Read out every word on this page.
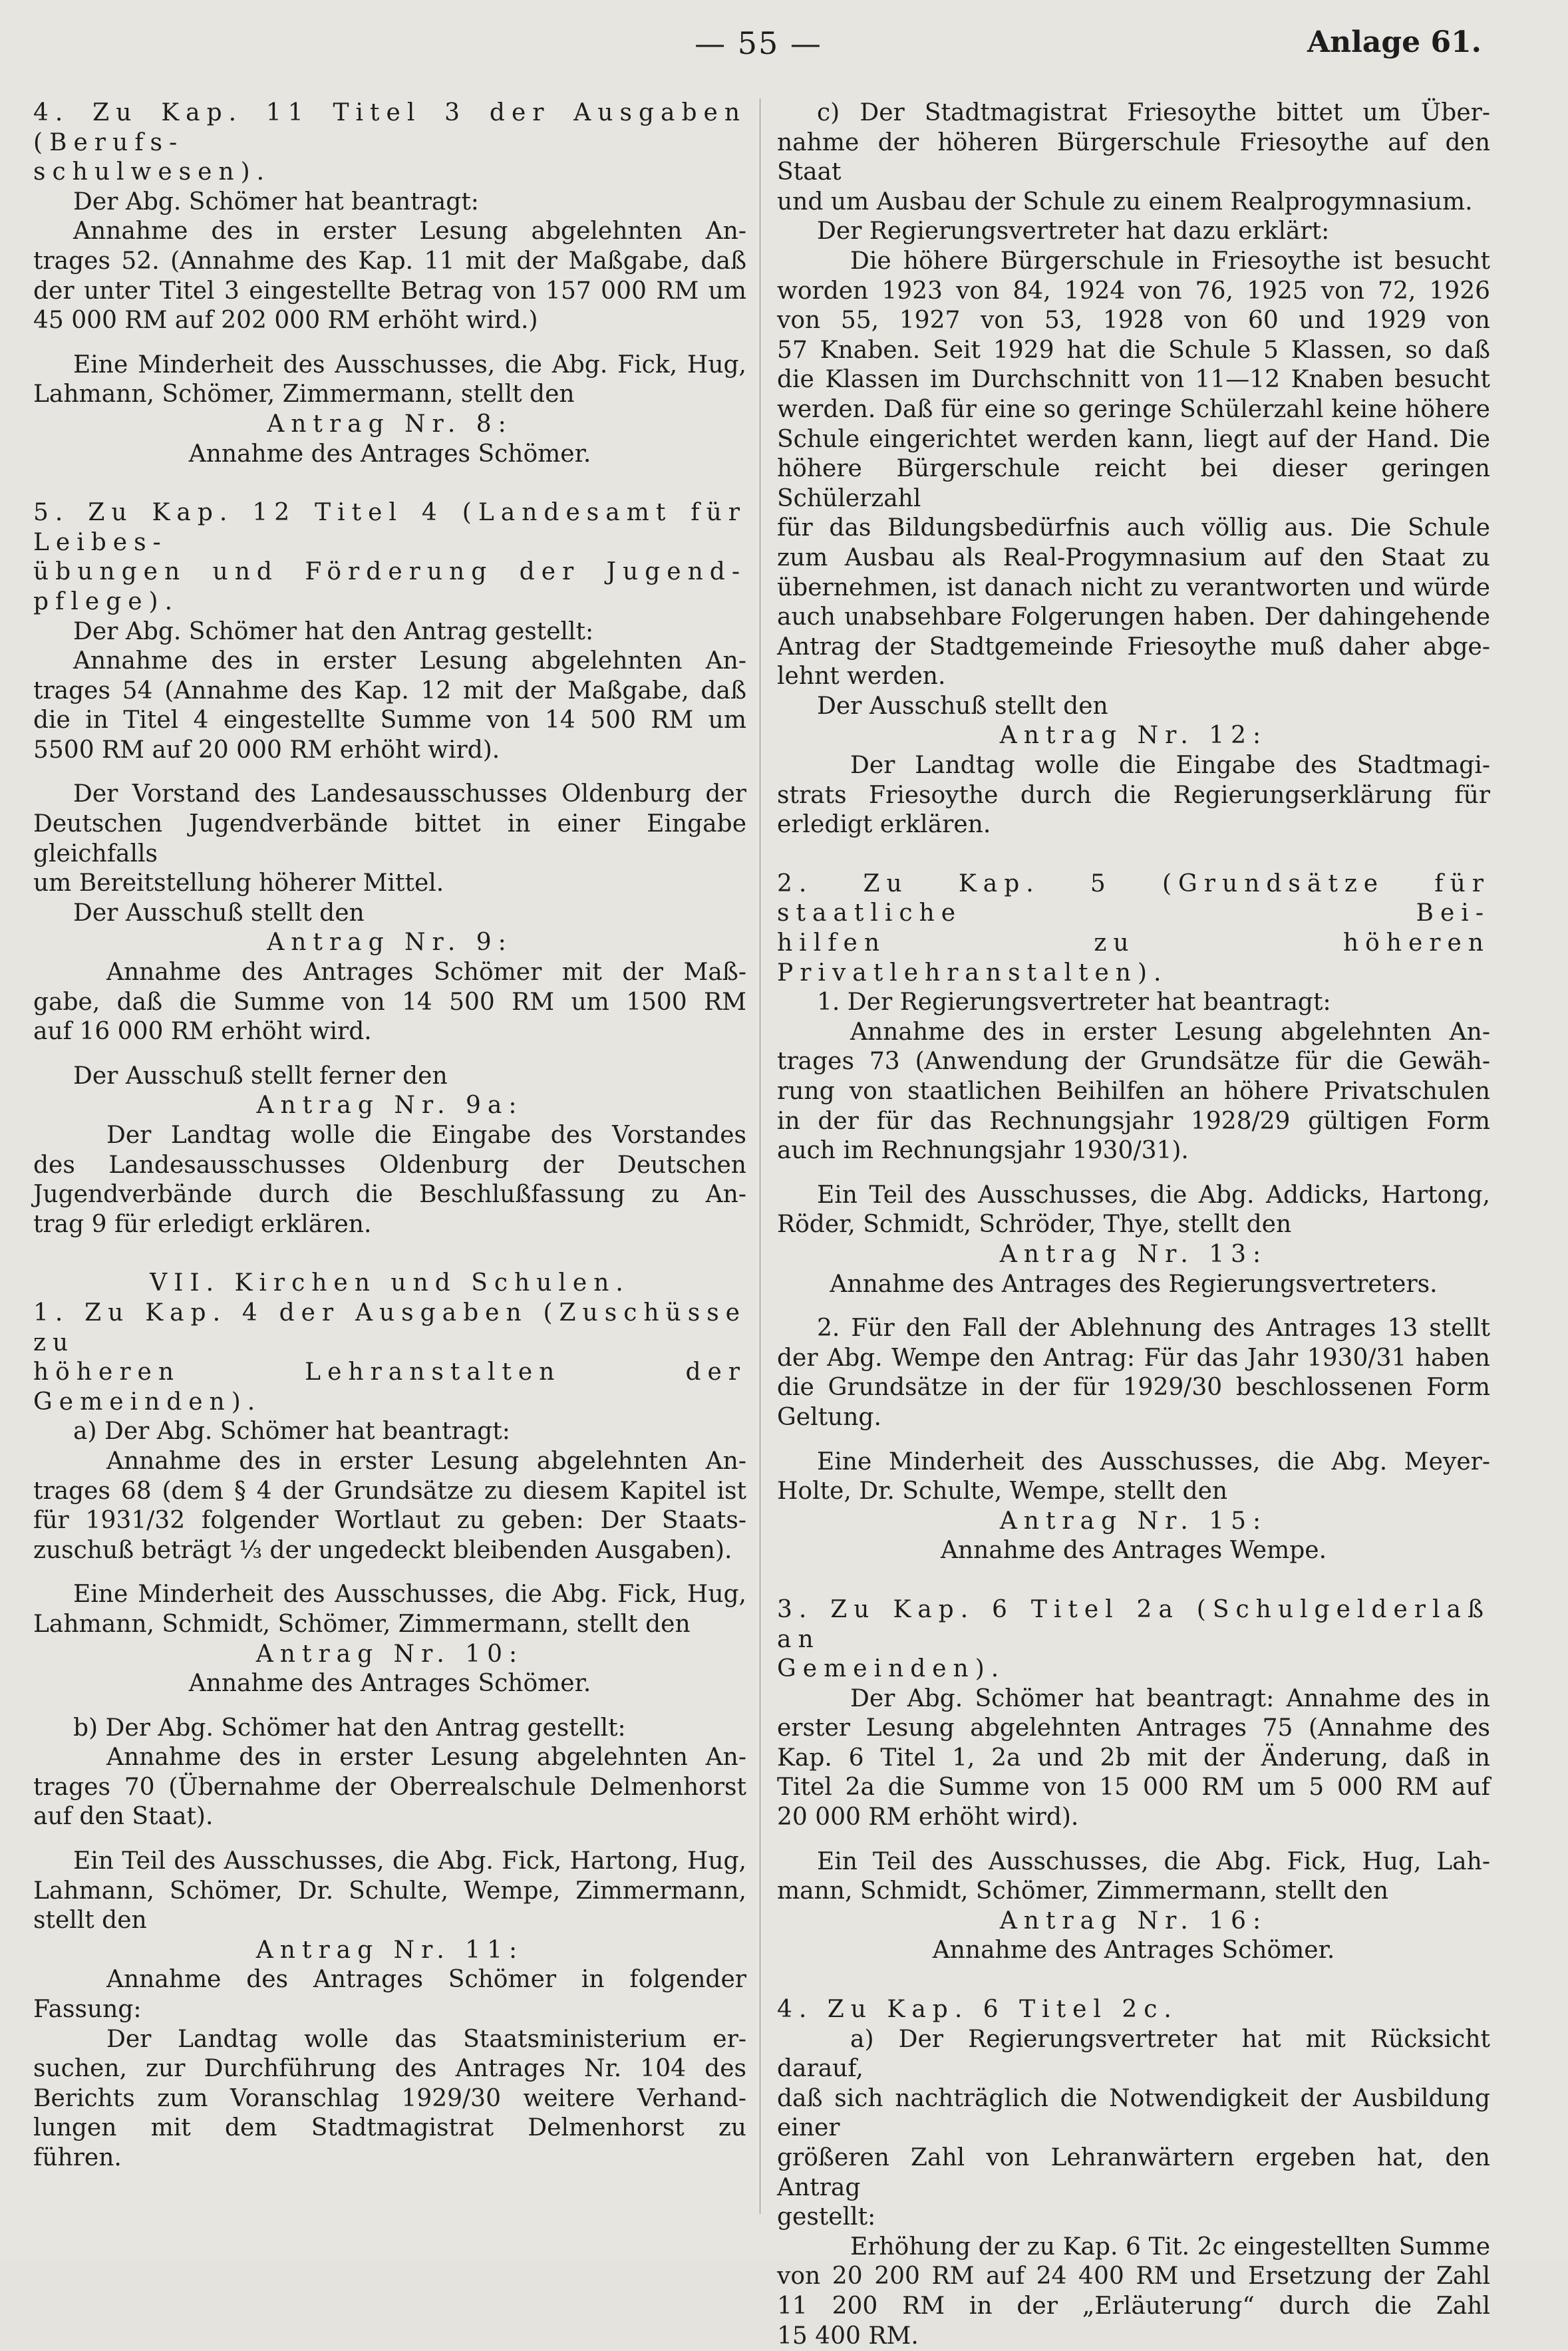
— 55 —	Anlage 61.

4. Zu Kap. 11 Titel 3 der Ausgaben (Berufs-

schulwesen).

Der Abg. Schömer hat beantragt:

Annahme des in erster Lesung abgelehnten An-

trages 52. (Annahme des Kap. 11 mit der Maßgabe, daß

der unter Titel 3 eingestellte Betrag von 157 000 RM um

45 000 RM auf 202 000 RM erhöht wird.)

Eine Minderheit des Ausschusses, die Abg. Fick, Hug,

Lahmann, Schömer, Zimmermann, stellt den

Antrag Nr. 8:

Annahme des Antrages Schömer.

5. Zu Kap. 12 Titel 4 (Landesamt für Leibes-

übungen und Förderung der Jugend-

pflege).

Der Abg. Schömer hat den Antrag gestellt:

Annahme des in erster Lesung abgelehnten An-

trages 54 (Annahme des Kap. 12 mit der Maßgabe, daß

die in Titel 4 eingestellte Summe von 14 500 RM um

5500 RM auf 20 000 RM erhöht wird).

Der Vorstand des Landesausschusses Oldenburg der

Deutschen Jugendverbände bittet in einer Eingabe gleichfalls

um Bereitstellung höherer Mittel.

Der Ausschuß stellt den

Antrag Nr. 9:

Annahme des Antrages Schömer mit der Maß-

gabe, daß die Summe von 14 500 RM um 1500 RM

auf 16 000 RM erhöht wird.

Der Ausschuß stellt ferner den

Antrag Nr. 9a:

Der Landtag wolle die Eingabe des Vorstandes

des Landesausschusses Oldenburg der Deutschen

Jugendverbände durch die Beschlußfassung zu An-

trag 9 für erledigt erklären.

VII. Kirchen und Schulen.

1. Zu Kap. 4 der Ausgaben (Zuschüsse zu

höheren Lehranstalten der Gemeinden).

a) Der Abg. Schömer hat beantragt:

Annahme des in erster Lesung abgelehnten An-

trages 68 (dem § 4 der Grundsätze zu diesem Kapitel ist

für 1931/32 folgender Wortlaut zu geben: Der Staats-

zuschuß beträgt ⅓ der ungedeckt bleibenden Ausgaben).

Eine Minderheit des Ausschusses, die Abg. Fick, Hug,

Lahmann, Schmidt, Schömer, Zimmermann, stellt den

Antrag Nr. 10:

Annahme des Antrages Schömer.

b) Der Abg. Schömer hat den Antrag gestellt:

Annahme des in erster Lesung abgelehnten An-

trages 70 (Übernahme der Oberrealschule Delmenhorst

auf den Staat).

Ein Teil des Ausschusses, die Abg. Fick, Hartong, Hug,

Lahmann, Schömer, Dr. Schulte, Wempe, Zimmermann,

stellt den

Antrag Nr. 11:

Annahme des Antrages Schömer in folgender

Fassung:

Der Landtag wolle das Staatsministerium er-

suchen, zur Durchführung des Antrages Nr. 104 des

Berichts zum Voranschlag 1929/30 weitere Verhand-

lungen mit dem Stadtmagistrat Delmenhorst zu

führen.

c) Der Stadtmagistrat Friesoythe bittet um Über-

nahme der höheren Bürgerschule Friesoythe auf den Staat

und um Ausbau der Schule zu einem Realprogymnasium.

Der Regierungsvertreter hat dazu erklärt:

Die höhere Bürgerschule in Friesoythe ist besucht

worden 1923 von 84, 1924 von 76, 1925 von 72, 1926

von 55, 1927 von 53, 1928 von 60 und 1929 von

57 Knaben. Seit 1929 hat die Schule 5 Klassen, so daß

die Klassen im Durchschnitt von 11—12 Knaben besucht

werden. Daß für eine so geringe Schülerzahl keine höhere

Schule eingerichtet werden kann, liegt auf der Hand. Die

höhere Bürgerschule reicht bei dieser geringen Schülerzahl

für das Bildungsbedürfnis auch völlig aus. Die Schule

zum Ausbau als Real-Progymnasium auf den Staat zu

übernehmen, ist danach nicht zu verantworten und würde

auch unabsehbare Folgerungen haben. Der dahingehende

Antrag der Stadtgemeinde Friesoythe muß daher abge-

lehnt werden.

Der Ausschuß stellt den

Antrag Nr. 12:

Der Landtag wolle die Eingabe des Stadtmagi-

strats Friesoythe durch die Regierungserklärung für

erledigt erklären.

2. Zu Kap. 5 (Grundsätze für staatliche Bei-

hilfen zu höheren Privatlehranstalten).

1. Der Regierungsvertreter hat beantragt:

Annahme des in erster Lesung abgelehnten An-

trages 73 (Anwendung der Grundsätze für die Gewäh-

rung von staatlichen Beihilfen an höhere Privatschulen

in der für das Rechnungsjahr 1928/29 gültigen Form

auch im Rechnungsjahr 1930/31).

Ein Teil des Ausschusses, die Abg. Addicks, Hartong,

Röder, Schmidt, Schröder, Thye, stellt den

Antrag Nr. 13:

Annahme des Antrages des Regierungsvertreters.

2. Für den Fall der Ablehnung des Antrages 13 stellt

der Abg. Wempe den Antrag: Für das Jahr 1930/31 haben

die Grundsätze in der für 1929/30 beschlossenen Form

Geltung.

Eine Minderheit des Ausschusses, die Abg. Meyer-

Holte, Dr. Schulte, Wempe, stellt den

Antrag Nr. 15:

Annahme des Antrages Wempe.

3. Zu Kap. 6 Titel 2a (Schulgelderlaß an

Gemeinden).

Der Abg. Schömer hat beantragt: Annahme des in

erster Lesung abgelehnten Antrages 75 (Annahme des

Kap. 6 Titel 1, 2a und 2b mit der Änderung, daß in

Titel 2a die Summe von 15 000 RM um 5 000 RM auf

20 000 RM erhöht wird).

Ein Teil des Ausschusses, die Abg. Fick, Hug, Lah-

mann, Schmidt, Schömer, Zimmermann, stellt den

Antrag Nr. 16:

Annahme des Antrages Schömer.

4. Zu Kap. 6 Titel 2c.

a) Der Regierungsvertreter hat mit Rücksicht darauf,

daß sich nachträglich die Notwendigkeit der Ausbildung einer

größeren Zahl von Lehranwärtern ergeben hat, den Antrag

gestellt:

Erhöhung der zu Kap. 6 Tit. 2c eingestellten Summe

von 20 200 RM auf 24 400 RM und Ersetzung der Zahl

11 200 RM in der „Erläuterung“ durch die Zahl

15 400 RM.
